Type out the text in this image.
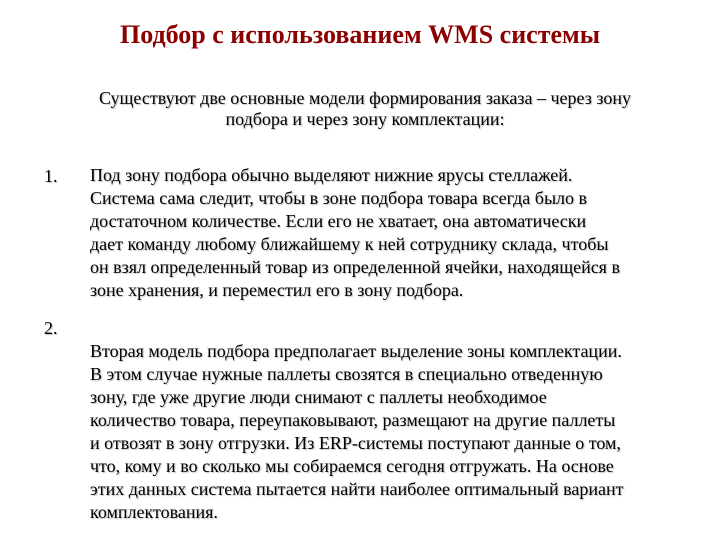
Подбор с использованием WMS системы
Существуют две основные модели формирования заказа – через зону
подбора и через зону комплектации:
1. Под зону подбора обычно выделяют нижние ярусы стеллажей.
Система сама следит, чтобы в зоне подбора товара всегда было в
достаточном количестве. Если его не хватает, она автоматически
дает команду любому ближайшему к ней сотруднику склада, чтобы
он взял определенный товар из определенной ячейки, находящейся в
зоне хранения, и переместил его в зону подбора.
2.
Вторая модель подбора предполагает выделение зоны комплектации.
В этом случае нужные паллеты свозятся в специально отведенную
зону, где уже другие люди снимают с паллеты необходимое
количество товара, переупаковывают, размещают на другие паллеты
и отвозят в зону отгрузки. Из ERP-системы поступают данные о том,
что, кому и во сколько мы собираемся сегодня отгружать. На основе
этих данных система пытается найти наиболее оптимальный вариант
комплектования.
